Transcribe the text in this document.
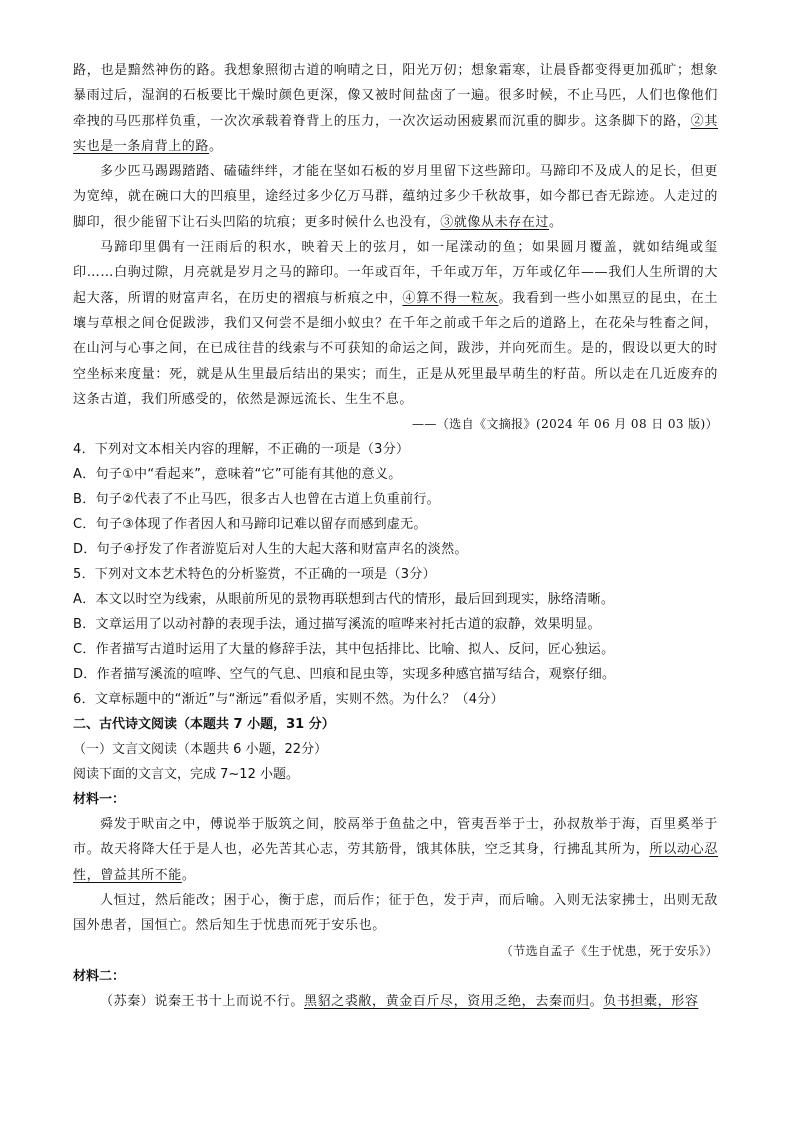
路，也是黯然神伤的路。我想象照彻古道的响晴之日，阳光万仞；想象霜寒，让晨昏都变得更加孤旷；想象暴雨过后，湿润的石板要比干燥时颜色更深，像又被时间盐卤了一遍。很多时候，不止马匹，人们也像他们牵拽的马匹那样负重，一次次承载着脊背上的压力，一次次运动困疲累而沉重的脚步。这条脚下的路，②其实也是一条肩背上的路。

多少匹马踢踢踏踏、磕磕绊绊，才能在坚如石板的岁月里留下这些蹄印。马蹄印不及成人的足长，但更为宽绰，就在碗口大的凹痕里，途经过多少亿万马群，蕴纳过多少千秋故事，如今都已杳无踪迹。人走过的脚印，很少能留下让石头凹陷的坑痕；更多时候什么也没有，③就像从未存在过。

马蹄印里偶有一汪雨后的积水，映着天上的弦月，如一尾漾动的鱼；如果圆月覆盖，就如结绳或玺印……白驹过隙，月亮就是岁月之马的蹄印。一年或百年，千年或万年，万年或亿年——我们人生所谓的大起大落，所谓的财富声名，在历史的褶痕与析痕之中，④算不得一粒灰。我看到一些小如黑豆的昆虫，在土壤与草根之间仓促跋涉，我们又何尝不是细小蚁虫？在千年之前或千年之后的道路上，在花朵与牲畜之间，在山河与心事之间，在已成往昔的线索与不可获知的命运之间，跋涉，并向死而生。是的，假设以更大的时空坐标来度量：死，就是从生里最后结出的果实；而生，正是从死里最早萌生的籽苗。所以走在几近废弃的这条古道，我们所感受的，依然是源远流长、生生不息。

——（选自《文摘报》(2024 年 06 月 08 日 03 版)）

4．下列对文本相关内容的理解，不正确的一项是（3分）

A．句子①中“看起来”，意味着“它”可能有其他的意义。

B．句子②代表了不止马匹，很多古人也曾在古道上负重前行。

C．句子③体现了作者因人和马蹄印记难以留存而感到虚无。

D．句子④抒发了作者游览后对人生的大起大落和财富声名的淡然。

5．下列对文本艺术特色的分析鉴赏，不正确的一项是（3分）

A．本文以时空为线索，从眼前所见的景物再联想到古代的情形，最后回到现实，脉络清晰。

B．文章运用了以动衬静的表现手法，通过描写溪流的喧哗来衬托古道的寂静，效果明显。

C．作者描写古道时运用了大量的修辞手法，其中包括排比、比喻、拟人、反问，匠心独运。

D．作者描写溪流的喧哗、空气的气息、凹痕和昆虫等，实现多种感官描写结合，观察仔细。

6．文章标题中的“渐近”与“渐远”看似矛盾，实则不然。为什么？（4分）

二、古代诗文阅读（本题共 7 小题，31 分）

（一）文言文阅读（本题共 6 小题，22分）

阅读下面的文言文，完成 7~12 小题。

材料一：

舜发于畎亩之中，傅说举于版筑之间，胶鬲举于鱼盐之中，管夷吾举于士，孙叔敖举于海，百里奚举于市。故天将降大任于是人也，必先苦其心志，劳其筋骨，饿其体肤，空乏其身，行拂乱其所为，所以动心忍性，曾益其所不能。

人恒过，然后能改；困于心，衡于虑，而后作；征于色，发于声，而后喻。入则无法家拂士，出则无敌国外患者，国恒亡。然后知生于忧患而死于安乐也。

（节选自孟子《生于忧患，死于安乐》）

材料二：

（苏秦）说秦王书十上而说不行。黑貂之裘敝，黄金百斤尽，资用乏绝，去秦而归。负书担橐，形容
